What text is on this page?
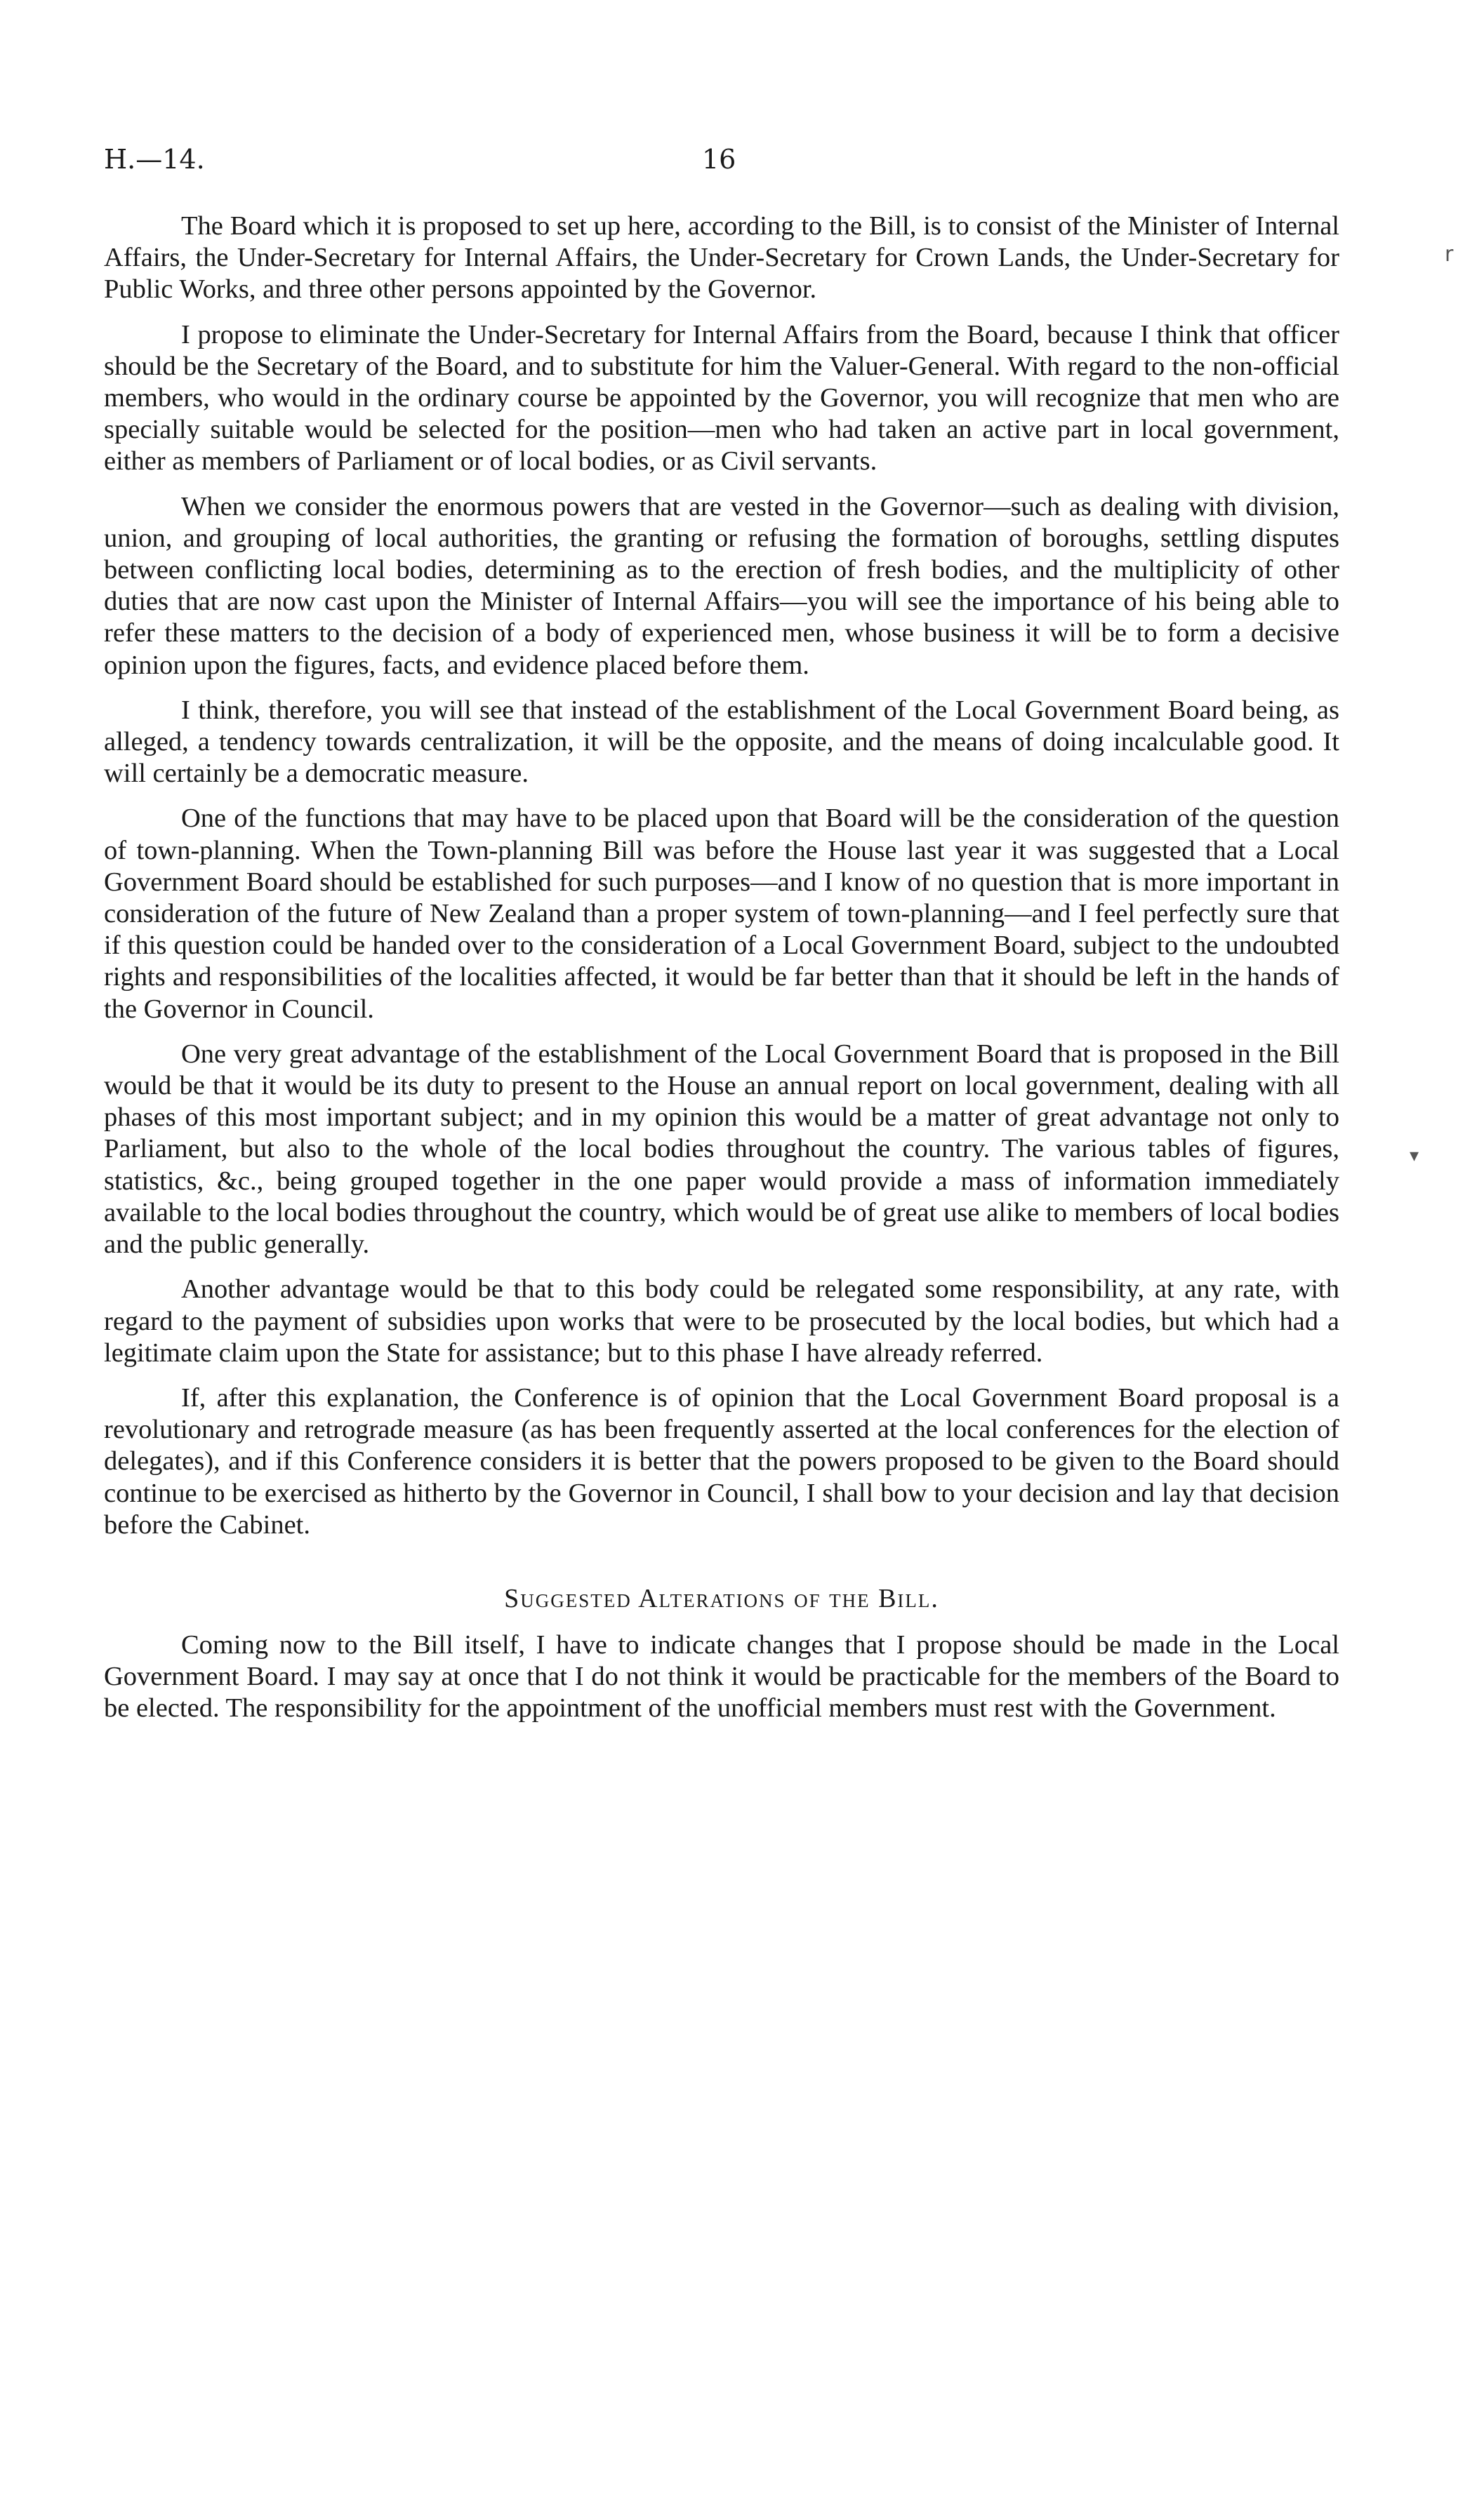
H.—14.	16

The Board which it is proposed to set up here, according to the Bill, is to consist of the Minister of Internal Affairs, the Under-Secretary for Internal Affairs, the Under-Secretary for Crown Lands, the Under-Secretary for Public Works, and three other persons appointed by the Governor.

I propose to eliminate the Under-Secretary for Internal Affairs from the Board, because I think that officer should be the Secretary of the Board, and to substitute for him the Valuer-General. With regard to the non-official members, who would in the ordinary course be appointed by the Governor, you will recognize that men who are specially suitable would be selected for the position—men who had taken an active part in local government, either as members of Parliament or of local bodies, or as Civil servants.

When we consider the enormous powers that are vested in the Governor—such as dealing with division, union, and grouping of local authorities, the granting or refusing the formation of boroughs, settling disputes between conflicting local bodies, determining as to the erection of fresh bodies, and the multiplicity of other duties that are now cast upon the Minister of Internal Affairs—you will see the importance of his being able to refer these matters to the decision of a body of experienced men, whose business it will be to form a decisive opinion upon the figures, facts, and evidence placed before them.

I think, therefore, you will see that instead of the establishment of the Local Government Board being, as alleged, a tendency towards centralization, it will be the opposite, and the means of doing incalculable good. It will certainly be a democratic measure.

One of the functions that may have to be placed upon that Board will be the consideration of the question of town-planning. When the Town-planning Bill was before the House last year it was suggested that a Local Government Board should be established for such purposes—and I know of no question that is more important in consideration of the future of New Zealand than a proper system of town-planning—and I feel perfectly sure that if this question could be handed over to the consideration of a Local Government Board, subject to the undoubted rights and responsibilities of the localities affected, it would be far better than that it should be left in the hands of the Governor in Council.

One very great advantage of the establishment of the Local Government Board that is proposed in the Bill would be that it would be its duty to present to the House an annual report on local government, dealing with all phases of this most important subject; and in my opinion this would be a matter of great advantage not only to Parliament, but also to the whole of the local bodies throughout the country. The various tables of figures, statistics, &c., being grouped together in the one paper would provide a mass of information immediately available to the local bodies throughout the country, which would be of great use alike to members of local bodies and the public generally.

Another advantage would be that to this body could be relegated some responsibility, at any rate, with regard to the payment of subsidies upon works that were to be prosecuted by the local bodies, but which had a legitimate claim upon the State for assistance; but to this phase I have already referred.

If, after this explanation, the Conference is of opinion that the Local Government Board proposal is a revolutionary and retrograde measure (as has been frequently asserted at the local conferences for the election of delegates), and if this Conference considers it is better that the powers proposed to be given to the Board should continue to be exercised as hitherto by the Governor in Council, I shall bow to your decision and lay that decision before the Cabinet.

Suggested Alterations of the Bill.

Coming now to the Bill itself, I have to indicate changes that I propose should be made in the Local Government Board. I may say at once that I do not think it would be practicable for the members of the Board to be elected. The responsibility for the appointment of the unofficial members must rest with the Government.

r
▾
